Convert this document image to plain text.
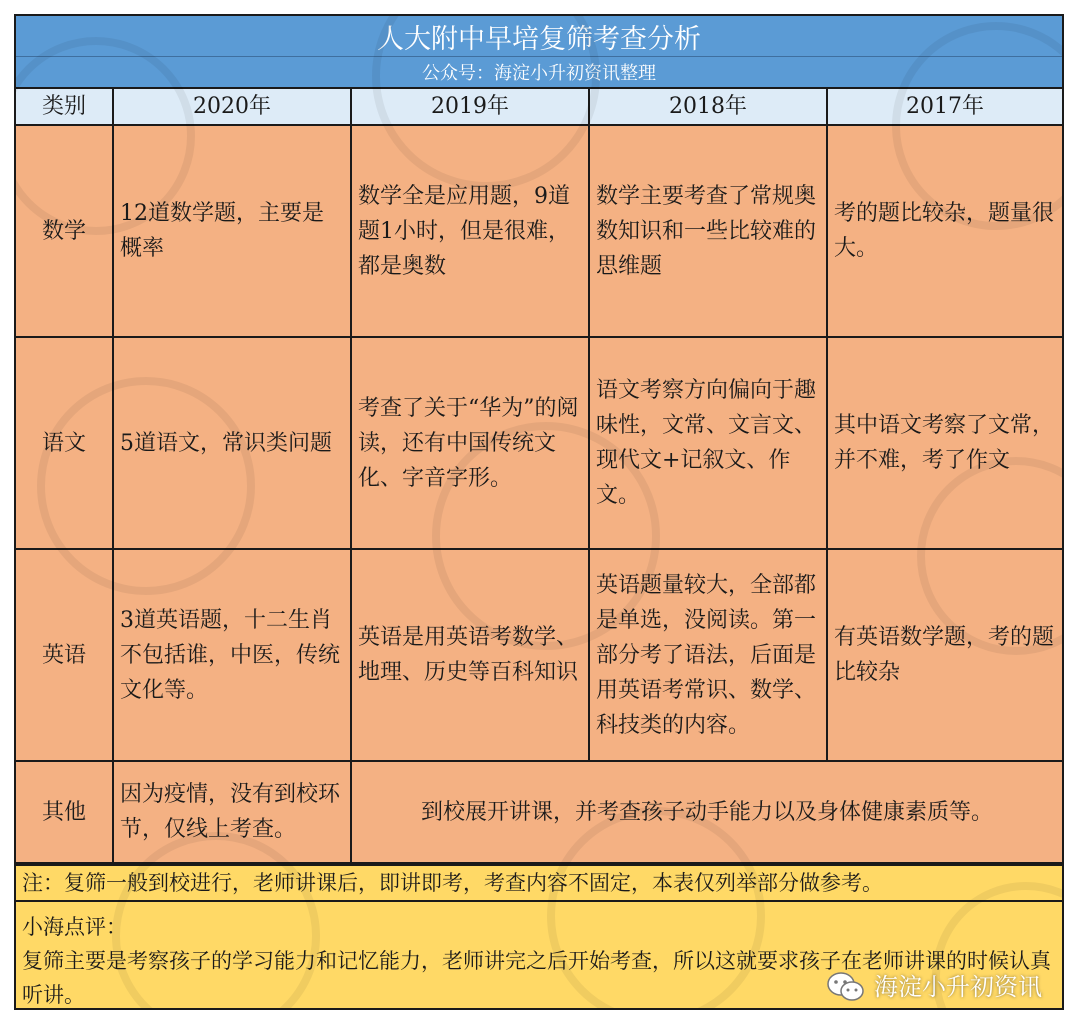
人大附中早培复筛考查分析
公众号：海淀小升初资讯整理
类别	2020年	2019年	2018年	2017年
数学	12道数学题，主要是概率	数学全是应用题，9道题1小时，但是很难，都是奥数	数学主要考查了常规奥数知识和一些比较难的思维题	考的题比较杂，题量很大。
语文	5道语文，常识类问题	考查了关于“华为”的阅读，还有中国传统文化、字音字形。	语文考察方向偏向于趣味性，文常、文言文、现代文+记叙文、作文。	其中语文考察了文常，并不难，考了作文
英语	3道英语题，十二生肖不包括谁，中医，传统文化等。	英语是用英语考数学、地理、历史等百科知识	英语题量较大，全部都是单选，没阅读。第一部分考了语法，后面是用英语考常识、数学、科技类的内容。	有英语数学题，考的题比较杂
其他	因为疫情，没有到校环节，仅线上考查。	到校展开讲课，并考查孩子动手能力以及身体健康素质等。		
注：复筛一般到校进行，老师讲课后，即讲即考，考查内容不固定，本表仅列举部分做参考。
小海点评：
复筛主要是考察孩子的学习能力和记忆能力，老师讲完之后开始考查，所以这就要求孩子在老师讲课的时候认真听讲。	海淀小升初资讯
